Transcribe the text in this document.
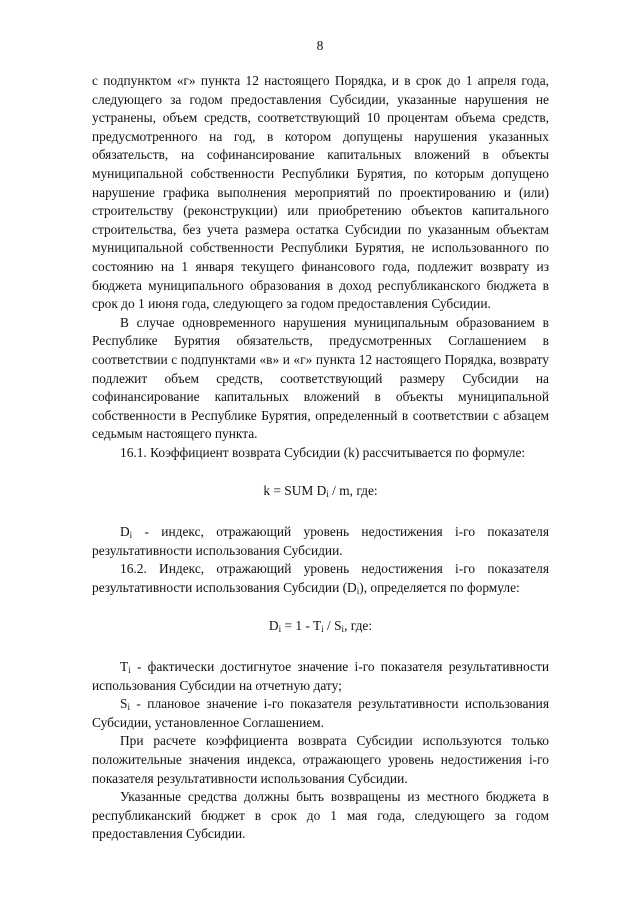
8

с подпунктом «г» пункта 12 настоящего Порядка, и в срок до 1 апреля года, следующего за годом предоставления Субсидии, указанные нарушения не устранены, объем средств, соответствующий 10 процентам объема средств, предусмотренного на год, в котором допущены нарушения указанных обязательств, на софинансирование капитальных вложений в объекты муниципальной собственности Республики Бурятия, по которым допущено нарушение графика выполнения мероприятий по проектированию и (или) строительству (реконструкции) или приобретению объектов капитального строительства, без учета размера остатка Субсидии по указанным объектам муниципальной собственности Республики Бурятия, не использованного по состоянию на 1 января текущего финансового года, подлежит возврату из бюджета муниципального образования в доход республиканского бюджета в срок до 1 июня года, следующего за годом предоставления Субсидии.

В случае одновременного нарушения муниципальным образованием в Республике Бурятия обязательств, предусмотренных Соглашением в соответствии с подпунктами «в» и «г» пункта 12 настоящего Порядка, возврату подлежит объем средств, соответствующий размеру Субсидии на софинансирование капитальных вложений в объекты муниципальной собственности в Республике Бурятия, определенный в соответствии с абзацем седьмым настоящего пункта.

16.1. Коэффициент возврата Субсидии (k) рассчитывается по формуле:

k = SUM $D_i$ / m, где:

$D_i$ - индекс, отражающий уровень недостижения i-го показателя результативности использования Субсидии.

16.2. Индекс, отражающий уровень недостижения i-го показателя результативности использования Субсидии $(D_i)$, определяется по формуле:

$D_i = 1 - T_i / S_i$, где:

$T_i$ - фактически достигнутое значение i-го показателя результативности использования Субсидии на отчетную дату;

$S_i$ - плановое значение i-го показателя результативности использования Субсидии, установленное Соглашением.

При расчете коэффициента возврата Субсидии используются только положительные значения индекса, отражающего уровень недостижения i-го показателя результативности использования Субсидии.

Указанные средства должны быть возвращены из местного бюджета в республиканский бюджет в срок до 1 мая года, следующего за годом предоставления Субсидии.
